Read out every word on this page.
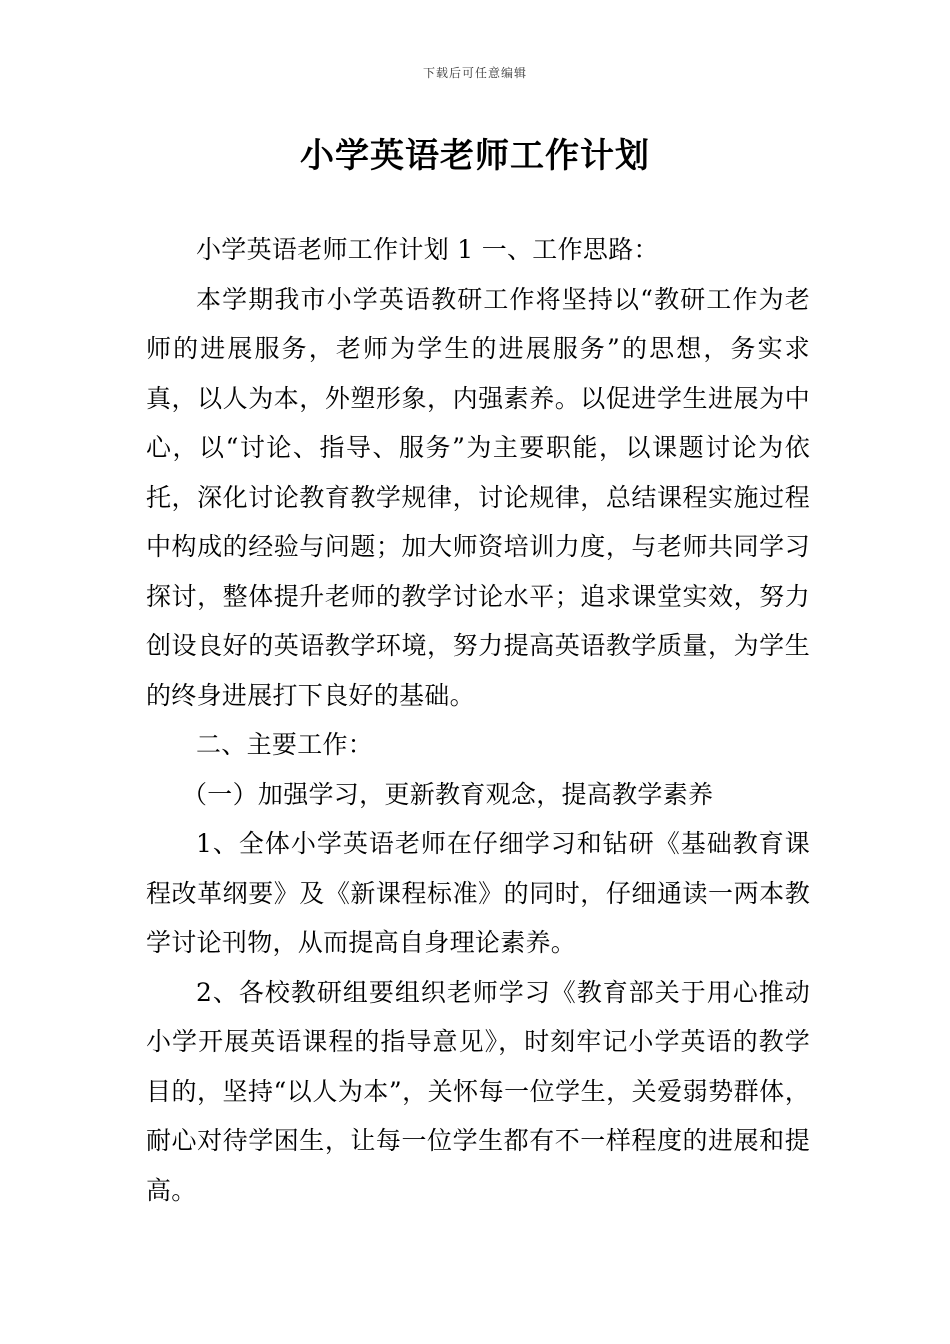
下载后可任意编辑
小学英语老师工作计划

小学英语老师工作计划 1 一、工作思路：

本学期我市小学英语教研工作将坚持以“教研工作为老师的进展服务，老师为学生的进展服务”的思想，务实求真，以人为本，外塑形象，内强素养。以促进学生进展为中心，以“讨论、指导、服务”为主要职能，以课题讨论为依托，深化讨论教育教学规律，讨论规律，总结课程实施过程中构成的经验与问题；加大师资培训力度，与老师共同学习探讨，整体提升老师的教学讨论水平；追求课堂实效，努力创设良好的英语教学环境，努力提高英语教学质量，为学生的终身进展打下良好的基础。

二、主要工作：

（一）加强学习，更新教育观念，提高教学素养

1、全体小学英语老师在仔细学习和钻研《基础教育课程改革纲要》及《新课程标准》的同时，仔细通读一两本教学讨论刊物，从而提高自身理论素养。

2、各校教研组要组织老师学习《教育部关于用心推动小学开展英语课程的指导意见》，时刻牢记小学英语的教学目的，坚持“以人为本”，关怀每一位学生，关爱弱势群体，耐心对待学困生，让每一位学生都有不一样程度的进展和提高。
